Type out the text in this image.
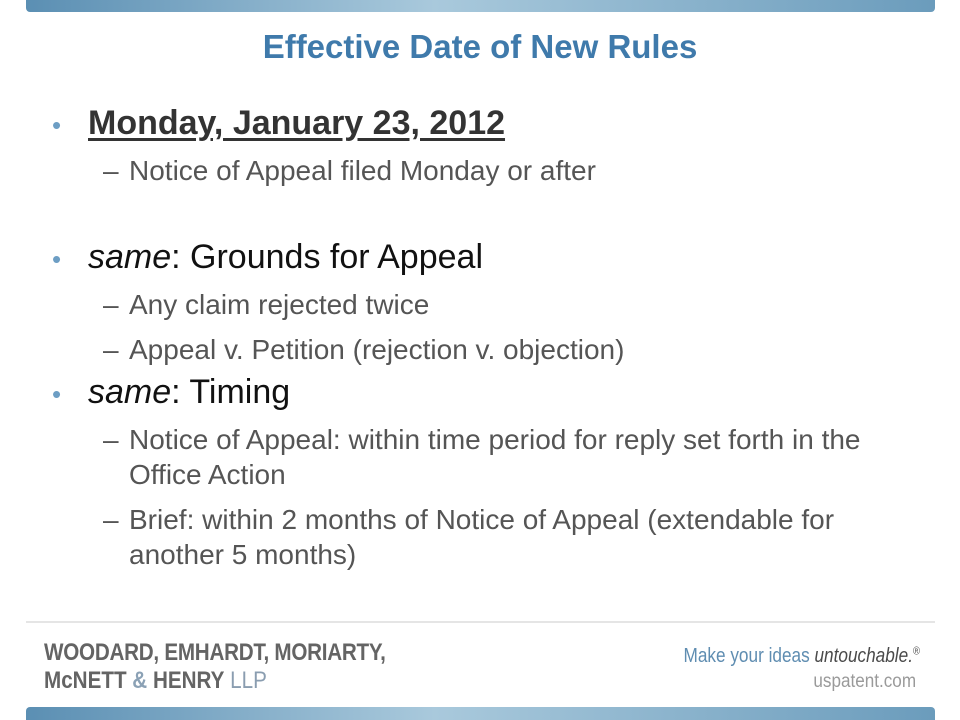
Effective Date of New Rules
• Monday, January 23, 2012
– Notice of Appeal filed Monday or after
• same: Grounds for Appeal
– Any claim rejected twice
– Appeal v. Petition (rejection v. objection)
• same: Timing
– Notice of Appeal: within time period for reply set forth in the Office Action
– Brief: within 2 months of Notice of Appeal (extendable for another 5 months)
WOODARD, EMHARDT, MORIARTY,
McNETT & HENRY LLP
Make your ideas untouchable.®
uspatent.com
